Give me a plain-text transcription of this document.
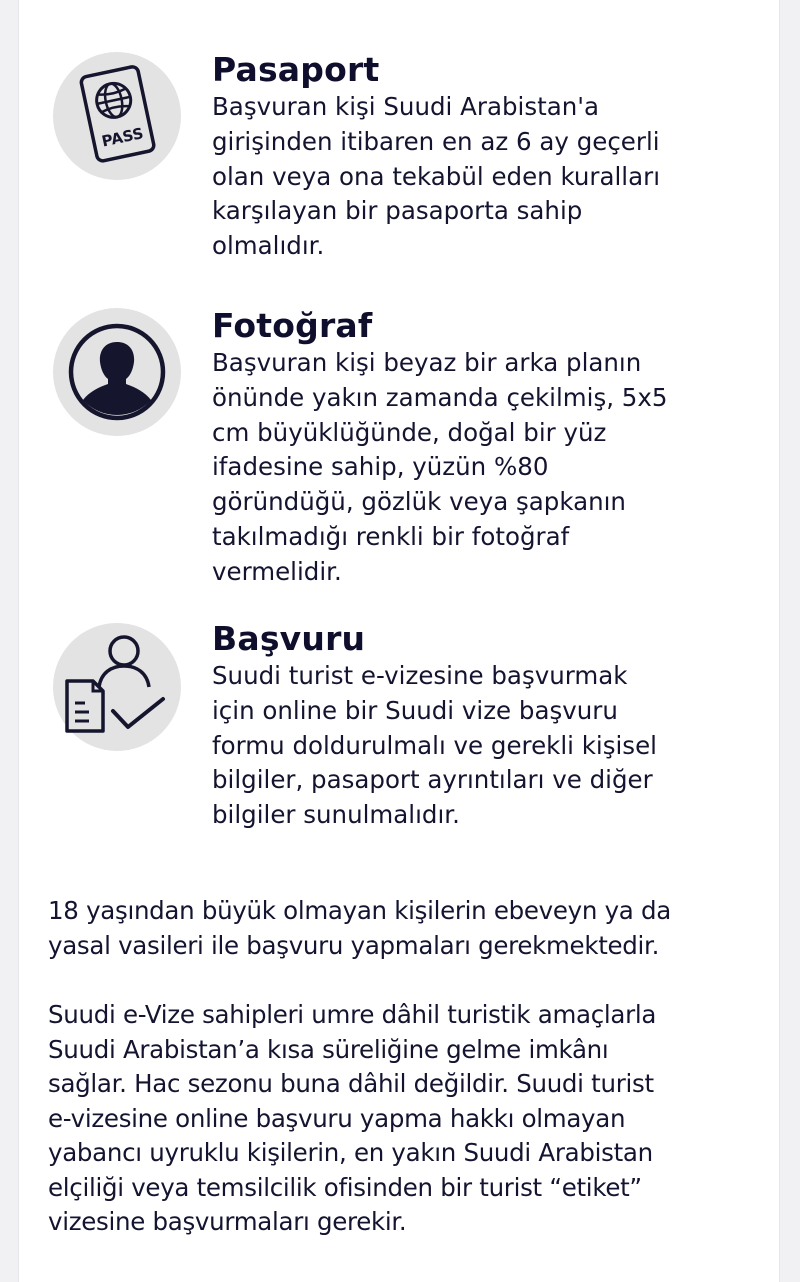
PASS
Pasaport

Başvuran kişi Suudi Arabistan'a
girişinden itibaren en az 6 ay geçerli
olan veya ona tekabül eden kuralları
karşılayan bir pasaporta sahip
olmalıdır.

Fotoğraf

Başvuran kişi beyaz bir arka planın
önünde yakın zamanda çekilmiş, 5x5
cm büyüklüğünde, doğal bir yüz
ifadesine sahip, yüzün %80
göründüğü, gözlük veya şapkanın
takılmadığı renkli bir fotoğraf
vermelidir.

Başvuru

Suudi turist e-vizesine başvurmak
için online bir Suudi vize başvuru
formu doldurulmalı ve gerekli kişisel
bilgiler, pasaport ayrıntıları ve diğer
bilgiler sunulmalıdır.

18 yaşından büyük olmayan kişilerin ebeveyn ya da
yasal vasileri ile başvuru yapmaları gerekmektedir.

Suudi e-Vize sahipleri umre dâhil turistik amaçlarla
Suudi Arabistan’a kısa süreliğine gelme imkânı
sağlar. Hac sezonu buna dâhil değildir. Suudi turist
e-vizesine online başvuru yapma hakkı olmayan
yabancı uyruklu kişilerin, en yakın Suudi Arabistan
elçiliği veya temsilcilik ofisinden bir turist “etiket”
vizesine başvurmaları gerekir.
